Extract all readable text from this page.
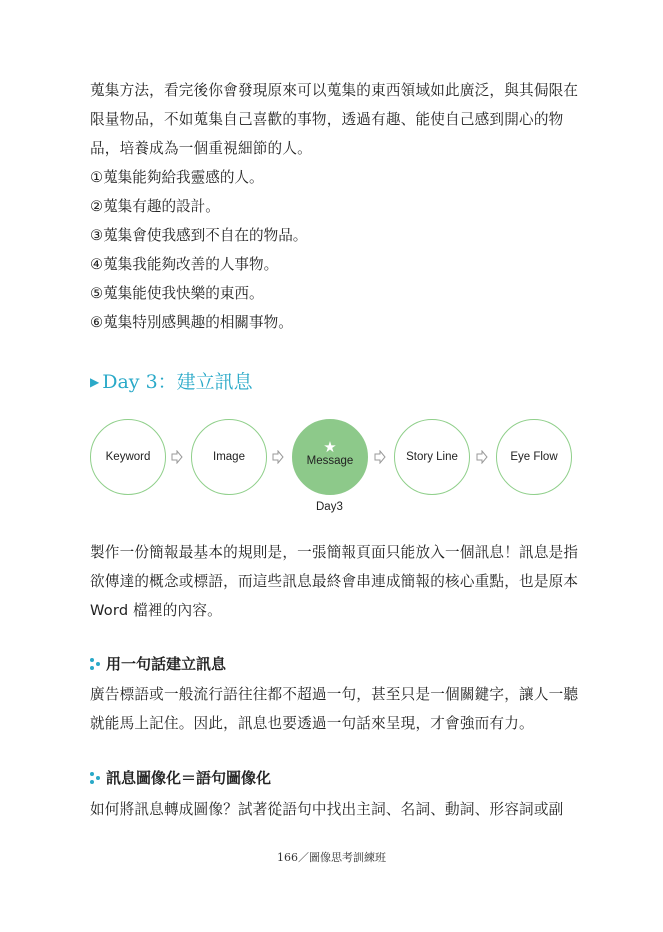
蒐集方法，看完後你會發現原來可以蒐集的東西領域如此廣泛，與其侷限在限量物品，不如蒐集自己喜歡的事物，透過有趣、能使自己感到開心的物品，培養成為一個重視細節的人。
①蒐集能夠給我靈感的人。
②蒐集有趣的設計。
③蒐集會使我感到不自在的物品。
④蒐集我能夠改善的人事物。
⑤蒐集能使我快樂的東西。
⑥蒐集特別感興趣的相關事物。
▶ Day 3：建立訊息
Keyword	Image
★
Message	Story Line	Eye Flow
Day3
製作一份簡報最基本的規則是，一張簡報頁面只能放入一個訊息！訊息是指欲傳達的概念或標語，而這些訊息最終會串連成簡報的核心重點，也是原本 Word 檔裡的內容。
用一句話建立訊息
廣告標語或一般流行語往往都不超過一句，甚至只是一個關鍵字，讓人一聽就能馬上記住。因此，訊息也要透過一句話來呈現，才會強而有力。
訊息圖像化＝語句圖像化
如何將訊息轉成圖像？試著從語句中找出主詞、名詞、動詞、形容詞或副
166／圖像思考訓練班
